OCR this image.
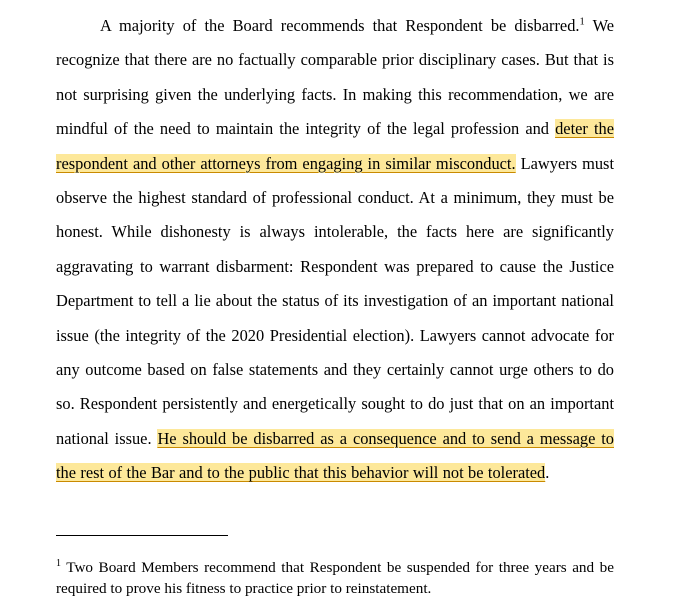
A majority of the Board recommends that Respondent be disbarred.$^1$ We recognize that there are no factually comparable prior disciplinary cases. But that is not surprising given the underlying facts. In making this recommendation, we are mindful of the need to maintain the integrity of the legal profession and deter the respondent and other attorneys from engaging in similar misconduct. Lawyers must observe the highest standard of professional conduct. At a minimum, they must be honest. While dishonesty is always intolerable, the facts here are significantly aggravating to warrant disbarment: Respondent was prepared to cause the Justice Department to tell a lie about the status of its investigation of an important national issue (the integrity of the 2020 Presidential election). Lawyers cannot advocate for any outcome based on false statements and they certainly cannot urge others to do so. Respondent persistently and energetically sought to do just that on an important national issue. He should be disbarred as a consequence and to send a message to the rest of the Bar and to the public that this behavior will not be tolerated.

$^1$ Two Board Members recommend that Respondent be suspended for three years and be required to prove his fitness to practice prior to reinstatement.
